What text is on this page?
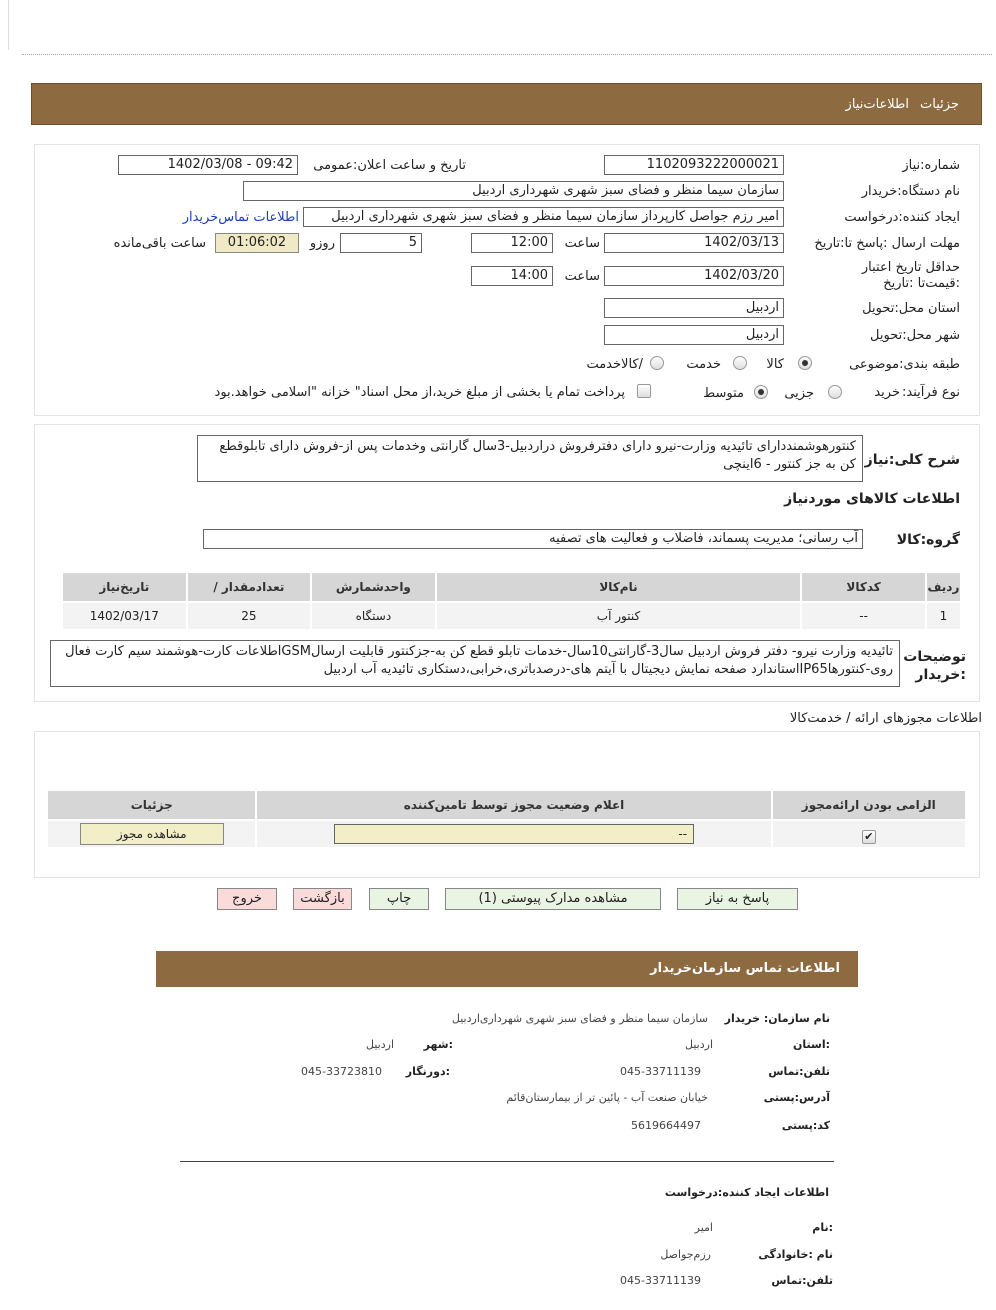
جزئیات
اطلاعات‌نیاز
شماره:نیاز
1102093222000021
تاریخ و ساعت اعلان:عمومی
1402/03/08 - 09:42
نام دستگاه:خریدار
سازمان سیما منظر و فضای سبز شهری شهرداری اردبیل
ایجاد کننده:درخواست
امیر رزم جواصل کارپرداز سازمان سیما منظر و فضای سبز شهری شهرداری اردبیل
اطلاعات تماس‌خریدار
مهلت ارسال :پاسخ تا:تاریخ
1402/03/13
ساعت
12:00
5
روزو
01:06:02
ساعت باقی‌مانده
حداقل تاریخ اعتبار :قیمت‌تا :تاریخ
1402/03/20
ساعت
14:00
استان محل:تحویل
اردبیل
شهر محل:تحویل
اردبیل
طبقه بندی:موضوعی
کالا
خدمت
/کالاخدمت
نوع فرآیند:
خرید
جزیی
متوسط
پرداخت تمام یا بخشی از مبلغ خرید،از محل اسناد" خزانه "اسلامی خواهد.بود
شرح کلی:نیاز
کنتورهوشمنددارای تائیدیه وزارت-نیرو دارای دفترفروش دراردبیل-3سال گارانتی وخدمات پس از-فروش دارای تابلوقطع کن به جز کنتور - 6اینچی
اطلاعات کالاهای موردنیاز
گروه:کالا
آب رسانی؛ مدیریت پسماند، فاضلاب و فعالیت های تصفیه
ردیف	کدکالا	نام‌کالا	واحدشمارش	تعدادمقدار /	تاریخ‌نیاز
1	--	کنتور آب	دستگاه	25	1402/03/17
توضیحات :خریدار
تائیدیه وزارت نیرو- دفتر فروش اردبیل سال3-گارانتی10سال-خدمات تابلو قطع کن به-جزکنتور قابلیت ارسالGSMاطلاعات کارت-هوشمند سیم کارت فعال روی-کنتورهاIP65استاندارد صفحه نمایش دیجیتال با آیتم های-درصدباتری،خرابی،دستکاری تائیدیه آب اردبیل
اطلاعات مجوزهای ارائه / خدمت‌کالا
الزامی بودن ارائه‌مجوز	اعلام وضعیت مجوز توسط تامین‌کننده	جزئیات
✔	--	مشاهده مجوز
پاسخ به نیاز
مشاهده مدارک پیوستی (1)
چاپ
بازگشت
خروج
اطلاعات تماس سازمان‌خریدار
نام سازمان: خریدار
سازمان سیما منظر و فضای سبز شهری شهرداری‌اردبیل
:استان
اردبیل
:شهر
اردبیل
تلفن:تماس
045-33711139
:دورنگار
045-33723810
آدرس:پستی
خیابان صنعت آب - پائین تر از بیمارستان‌قائم
کد:پستی
5619664497
اطلاعات ایجاد کننده:درخواست
:نام
امیر
نام :خانوادگی
رزم‌جواصل
تلفن:تماس
045-33711139
